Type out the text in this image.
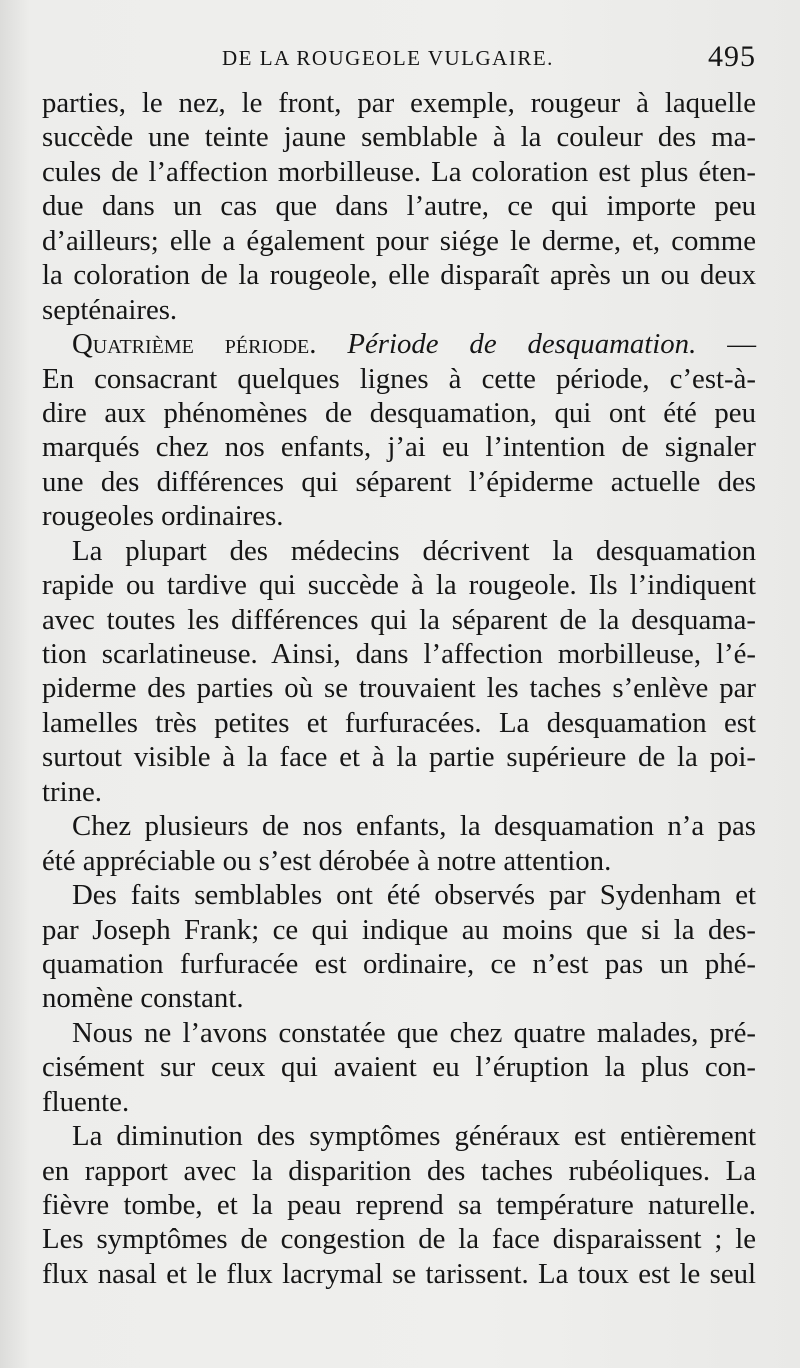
DE LA ROUGEOLE VULGAIRE.	495
parties, le nez, le front, par exemple, rougeur à laquelle
succède une teinte jaune semblable à la couleur des ma-
cules de l’affection morbilleuse. La coloration est plus éten-
due dans un cas que dans l’autre, ce qui importe peu
d’ailleurs; elle a également pour siége le derme, et, comme
la coloration de la rougeole, elle disparaît après un ou deux
septénaires.
Quatrième période. Période de desquamation. —
En consacrant quelques lignes à cette période, c’est-à-
dire aux phénomènes de desquamation, qui ont été peu
marqués chez nos enfants, j’ai eu l’intention de signaler
une des différences qui séparent l’épiderme actuelle des
rougeoles ordinaires.
La plupart des médecins décrivent la desquamation
rapide ou tardive qui succède à la rougeole. Ils l’indiquent
avec toutes les différences qui la séparent de la desquama-
tion scarlatineuse. Ainsi, dans l’affection morbilleuse, l’é-
piderme des parties où se trouvaient les taches s’enlève par
lamelles très petites et furfuracées. La desquamation est
surtout visible à la face et à la partie supérieure de la poi-
trine.
Chez plusieurs de nos enfants, la desquamation n’a pas
été appréciable ou s’est dérobée à notre attention.
Des faits semblables ont été observés par Sydenham et
par Joseph Frank; ce qui indique au moins que si la des-
quamation furfuracée est ordinaire, ce n’est pas un phé-
nomène constant.
Nous ne l’avons constatée que chez quatre malades, pré-
cisément sur ceux qui avaient eu l’éruption la plus con-
fluente.
La diminution des symptômes généraux est entièrement
en rapport avec la disparition des taches rubéoliques. La
fièvre tombe, et la peau reprend sa température naturelle.
Les symptômes de congestion de la face disparaissent ; le
flux nasal et le flux lacrymal se tarissent. La toux est le seul
